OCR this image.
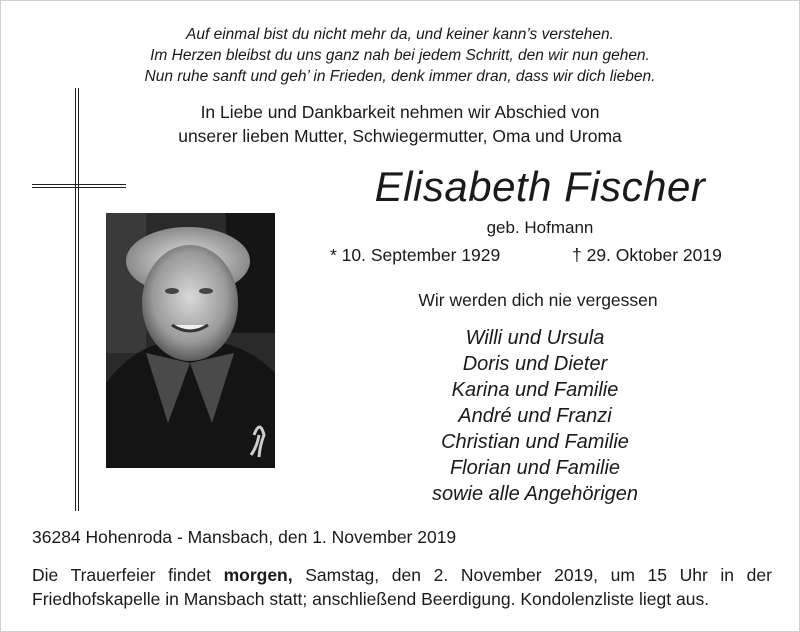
Auf einmal bist du nicht mehr da, und keiner kann’s verstehen.
Im Herzen bleibst du uns ganz nah bei jedem Schritt, den wir nun gehen.
Nun ruhe sanft und geh’ in Frieden, denk immer dran, dass wir dich lieben.
In Liebe und Dankbarkeit nehmen wir Abschied von
unserer lieben Mutter, Schwiegermutter, Oma und Uroma
Elisabeth Fischer
geb. Hofmann
* 10. September 1929	† 29. Oktober 2019
Wir werden dich nie vergessen
Willi und Ursula
Doris und Dieter
Karina und Familie
André und Franzi
Christian und Familie
Florian und Familie
sowie alle Angehörigen
36284 Hohenroda - Mansbach, den 1. November 2019
Die Trauerfeier findet morgen, Samstag, den 2. November 2019, um 15 Uhr in der Friedhofskapelle in Mansbach statt; anschließend Beerdigung. Kondolenzliste liegt aus.
